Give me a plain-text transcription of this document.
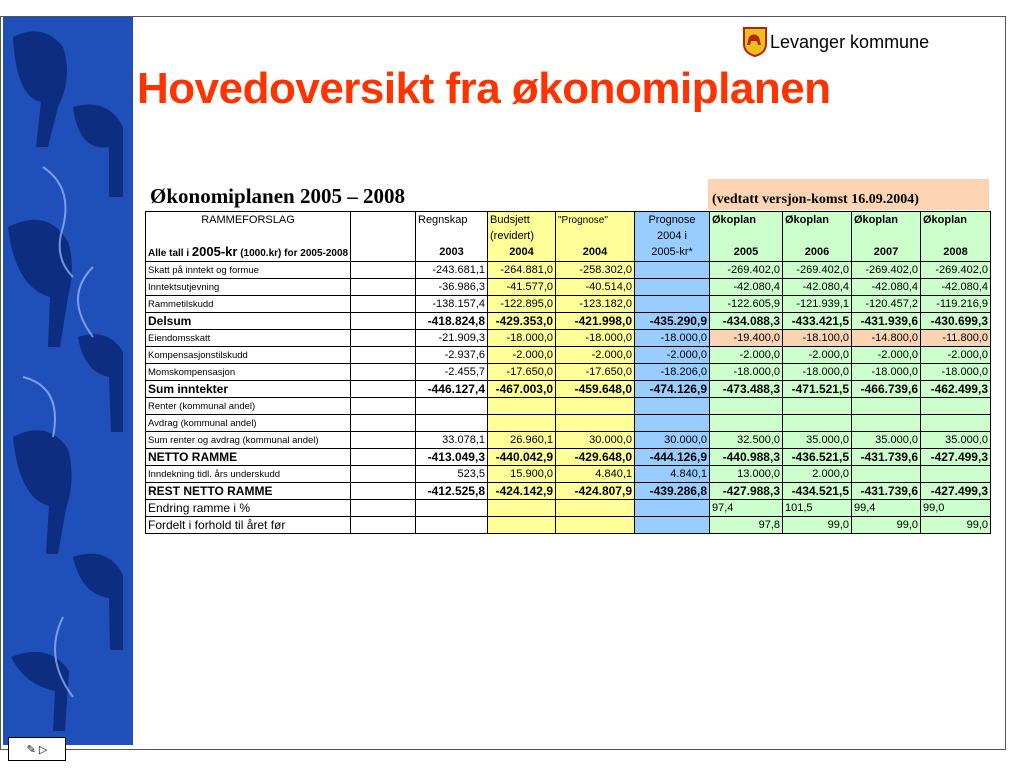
Levanger kommune
Hovedoversikt fra økonomiplanen
Økonomiplanen 2005 – 2008	(vedtatt versjon-komst 16.09.2004)
RAMMEFORSLAG		Regnskap	Budsjett	"Prognose"	Prognose	Økoplan	Økoplan	Økoplan	Økoplan
			(revidert)		2004 i				
Alle tall i 2005-kr (1000.kr) for 2005-2008		2003	2004	2004	2005-kr*	2005	2006	2007	2008
Skatt på inntekt og formue		-243.681,1	-264.881,0	-258.302,0		-269.402,0	-269.402,0	-269.402,0	-269.402,0
Inntektsutjevning		-36.986,3	-41.577,0	-40.514,0		-42.080,4	-42.080,4	-42.080,4	-42.080,4
Rammetilskudd		-138.157,4	-122.895,0	-123.182,0		-122.605,9	-121.939,1	-120.457,2	-119.216,9
Delsum		-418.824,8	-429.353,0	-421.998,0	-435.290,9	-434.088,3	-433.421,5	-431.939,6	-430.699,3
Eiendomsskatt		-21.909,3	-18.000,0	-18.000,0	-18.000,0	-19.400,0	-18.100,0	-14.800,0	-11.800,0
Kompensasjonstilskudd		-2.937,6	-2.000,0	-2.000,0	-2.000,0	-2.000,0	-2.000,0	-2.000,0	-2.000,0
Momskompensasjon		-2.455,7	-17.650,0	-17.650,0	-18.206,0	-18.000,0	-18.000,0	-18.000,0	-18.000,0
Sum inntekter		-446.127,4	-467.003,0	-459.648,0	-474.126,9	-473.488,3	-471.521,5	-466.739,6	-462.499,3
Renter (kommunal andel)									
Avdrag (kommunal andel)									
Sum renter og avdrag (kommunal andel)		33.078,1	26.960,1	30.000,0	30.000,0	32.500,0	35.000,0	35.000,0	35.000,0
NETTO RAMME		-413.049,3	-440.042,9	-429.648,0	-444.126,9	-440.988,3	-436.521,5	-431.739,6	-427.499,3
Inndekning tidl. års underskudd		523,5	15.900,0	4.840,1	4.840,1	13.000,0	2.000,0		
REST NETTO RAMME		-412.525,8	-424.142,9	-424.807,9	-439.286,8	-427.988,3	-434.521,5	-431.739,6	-427.499,3
Endring ramme i %						97,4	101,5	99,4	99,0
Fordelt i forhold til året før						97,8	99,0	99,0	99,0
✎ ▷
